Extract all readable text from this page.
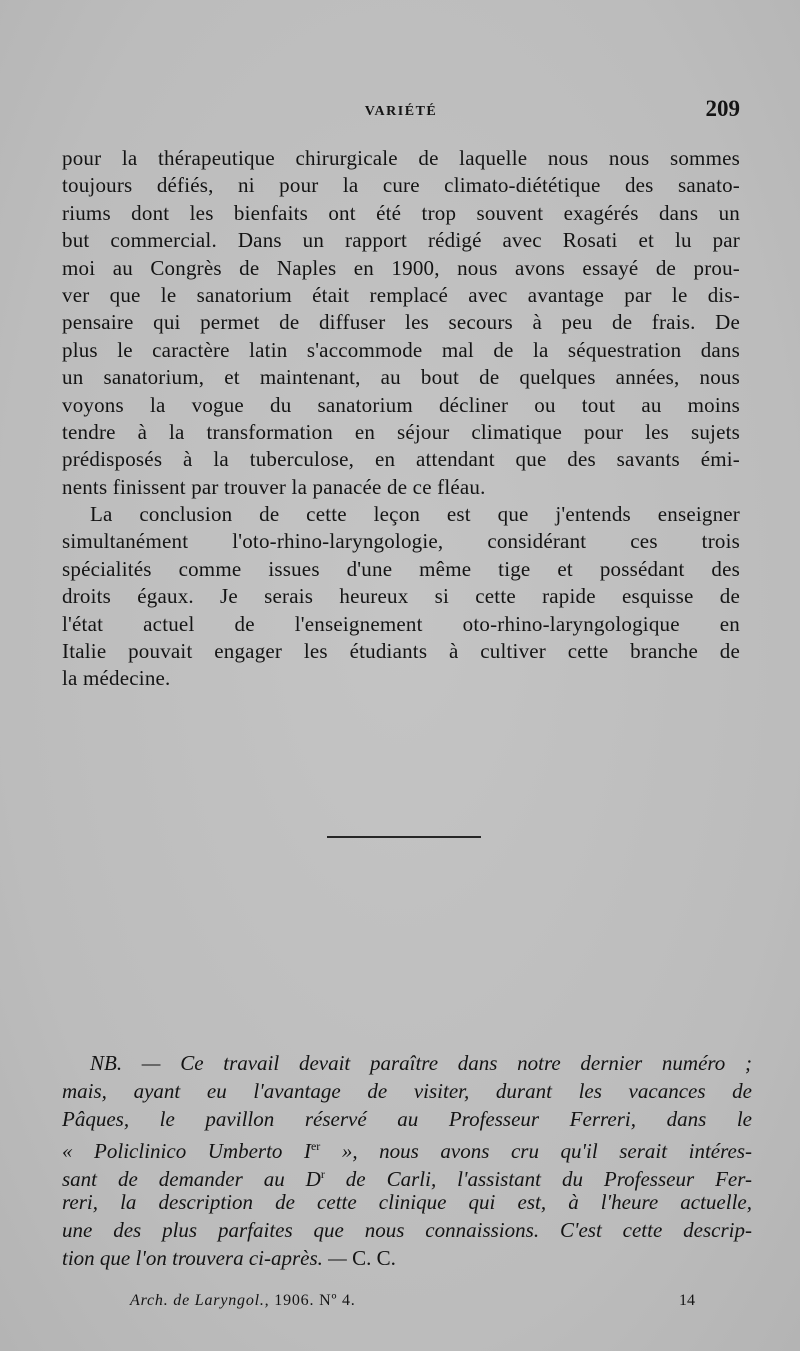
VARIÉTÉ	209
pour la thérapeutique chirurgicale de laquelle nous nous sommes
toujours défiés, ni pour la cure climato-diététique des sanato-
riums dont les bienfaits ont été trop souvent exagérés dans un
but commercial. Dans un rapport rédigé avec Rosati et lu par
moi au Congrès de Naples en 1900, nous avons essayé de prou-
ver que le sanatorium était remplacé avec avantage par le dis-
pensaire qui permet de diffuser les secours à peu de frais. De
plus le caractère latin s'accommode mal de la séquestration dans
un sanatorium, et maintenant, au bout de quelques années, nous
voyons la vogue du sanatorium décliner ou tout au moins
tendre à la transformation en séjour climatique pour les sujets
prédisposés à la tuberculose, en attendant que des savants émi-
nents finissent par trouver la panacée de ce fléau.
La conclusion de cette leçon est que j'entends enseigner
simultanément l'oto-rhino-laryngologie, considérant ces trois
spécialités comme issues d'une même tige et possédant des
droits égaux. Je serais heureux si cette rapide esquisse de
l'état actuel de l'enseignement oto-rhino-laryngologique en
Italie pouvait engager les étudiants à cultiver cette branche de
la médecine.
NB. — Ce travail devait paraître dans notre dernier numéro ;
mais, ayant eu l'avantage de visiter, durant les vacances de
Pâques, le pavillon réservé au Professeur Ferreri, dans le
« Policlinico Umberto Ier », nous avons cru qu'il serait intéres-
sant de demander au $D^r$ de Carli, l'assistant du Professeur Fer-
reri, la description de cette clinique qui est, à l'heure actuelle,
une des plus parfaites que nous connaissions. C'est cette descrip-
tion que l'on trouvera ci-après. — C. C.
Arch. de Laryngol., 1906. Nº 4.	14
